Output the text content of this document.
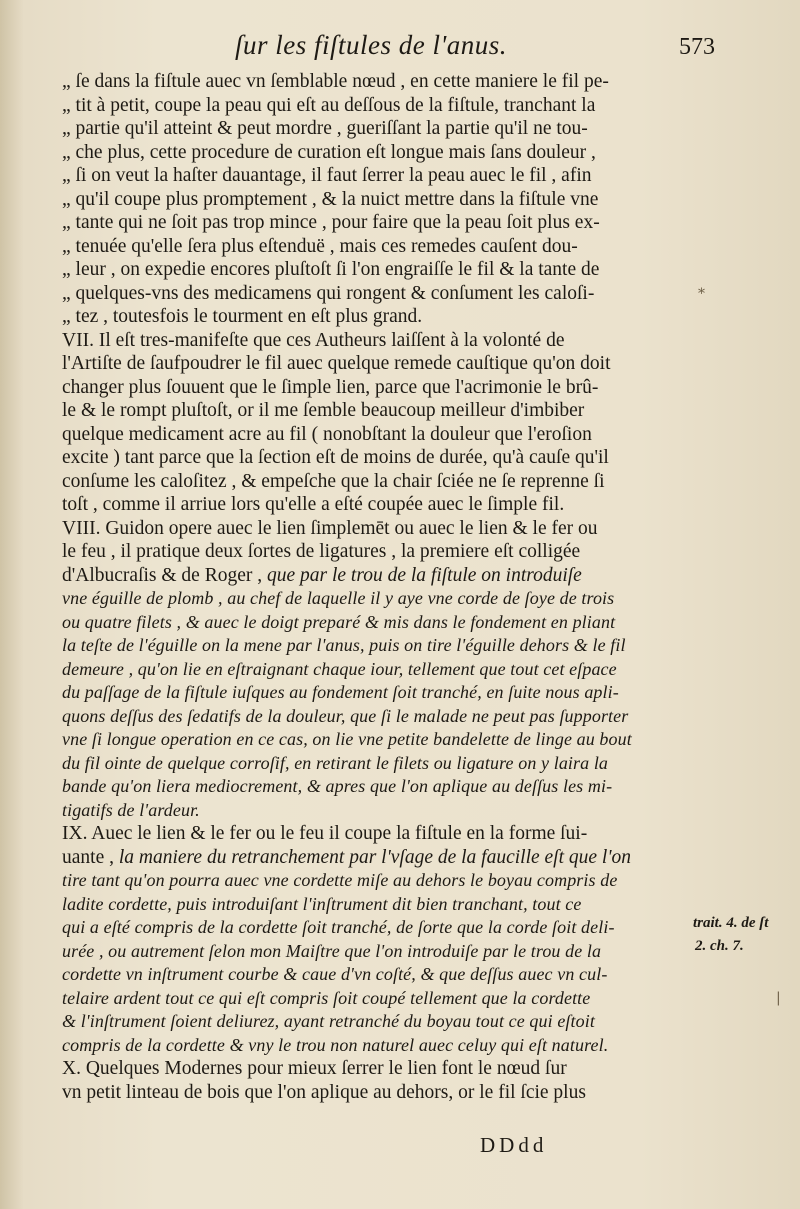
ſur les fiſtules de l'anus.	573
„ ſe dans la fiſtule auec vn ſemblable nœud , en cette maniere le fil pe-
„ tit à petit, coupe la peau qui eſt au deſſous de la fiſtule, tranchant la
„ partie qu'il atteint & peut mordre , gueriſſant la partie qu'il ne tou-
„ che plus, cette procedure de curation eſt longue mais ſans douleur ,
„ ſi on veut la haſter dauantage, il faut ſerrer la peau auec le fil , afin
„ qu'il coupe plus promptement , & la nuict mettre dans la fiſtule vne
„ tante qui ne ſoit pas trop mince , pour faire que la peau ſoit plus ex-
„ tenuée qu'elle ſera plus eſtenduë , mais ces remedes cauſent dou-
„ leur , on expedie encores pluſtoſt ſi l'on engraiſſe le fil & la tante de
„ quelques-vns des medicamens qui rongent & conſument les caloſi-
„ tez , toutesfois le tourment en eſt plus grand.
VII. Il eſt tres-manifeſte que ces Autheurs laiſſent à la volonté de
l'Artiſte de ſaufpoudrer le fil auec quelque remede cauſtique qu'on doit
changer plus ſouuent que le ſimple lien, parce que l'acrimonie le brû-
le & le rompt pluſtoſt, or il me ſemble beaucoup meilleur d'imbiber
quelque medicament acre au fil ( nonobſtant la douleur que l'eroſion
excite ) tant parce que la ſection eſt de moins de durée, qu'à cauſe qu'il
conſume les caloſitez , & empeſche que la chair ſciée ne ſe reprenne ſi
toſt , comme il arriue lors qu'elle a eſté coupée auec le ſimple fil.
VIII. Guidon opere auec le lien ſimplemēt ou auec le lien & le fer ou
le feu , il pratique deux ſortes de ligatures , la premiere eſt colligée
d'Albucraſis & de Roger , que par le trou de la fiſtule on introduiſe
vne éguille de plomb , au chef de laquelle il y aye vne corde de ſoye de trois
ou quatre filets , & auec le doigt preparé & mis dans le fondement en pliant
la teſte de l'éguille on la mene par l'anus, puis on tire l'éguille dehors & le fil
demeure , qu'on lie en eſtraignant chaque iour, tellement que tout cet eſpace
du paſſage de la fiſtule iuſques au fondement ſoit tranché, en ſuite nous apli-
quons deſſus des ſedatifs de la douleur, que ſi le malade ne peut pas ſupporter
vne ſi longue operation en ce cas, on lie vne petite bandelette de linge au bout
du fil ointe de quelque corroſif, en retirant le filets ou ligature on y laira la
bande qu'on liera mediocrement, & apres que l'on aplique au deſſus les mi-
tigatifs de l'ardeur.
IX. Auec le lien & le fer ou le feu il coupe la fiſtule en la forme ſui-
uante , la maniere du retranchement par l'vſage de la faucille eſt que l'on
tire tant qu'on pourra auec vne cordette miſe au dehors le boyau compris de
ladite cordette, puis introduiſant l'inſtrument dit bien tranchant, tout ce
qui a eſté compris de la cordette ſoit tranché, de ſorte que la corde ſoit deli-
urée , ou autrement ſelon mon Maiſtre que l'on introduiſe par le trou de la
cordette vn inſtrument courbe & caue d'vn coſté, & que deſſus auec vn cul-
telaire ardent tout ce qui eſt compris ſoit coupé tellement que la cordette
& l'inſtrument ſoient deliurez, ayant retranché du boyau tout ce qui eſtoit
compris de la cordette & vny le trou non naturel auec celuy qui eſt naturel.
X. Quelques Modernes pour mieux ſerrer le lien font le nœud ſur
vn petit linteau de bois que l'on aplique au dehors, or le fil ſcie plus
trait. 4. de ſt
2. ch. 7.
DDdd
*
|
